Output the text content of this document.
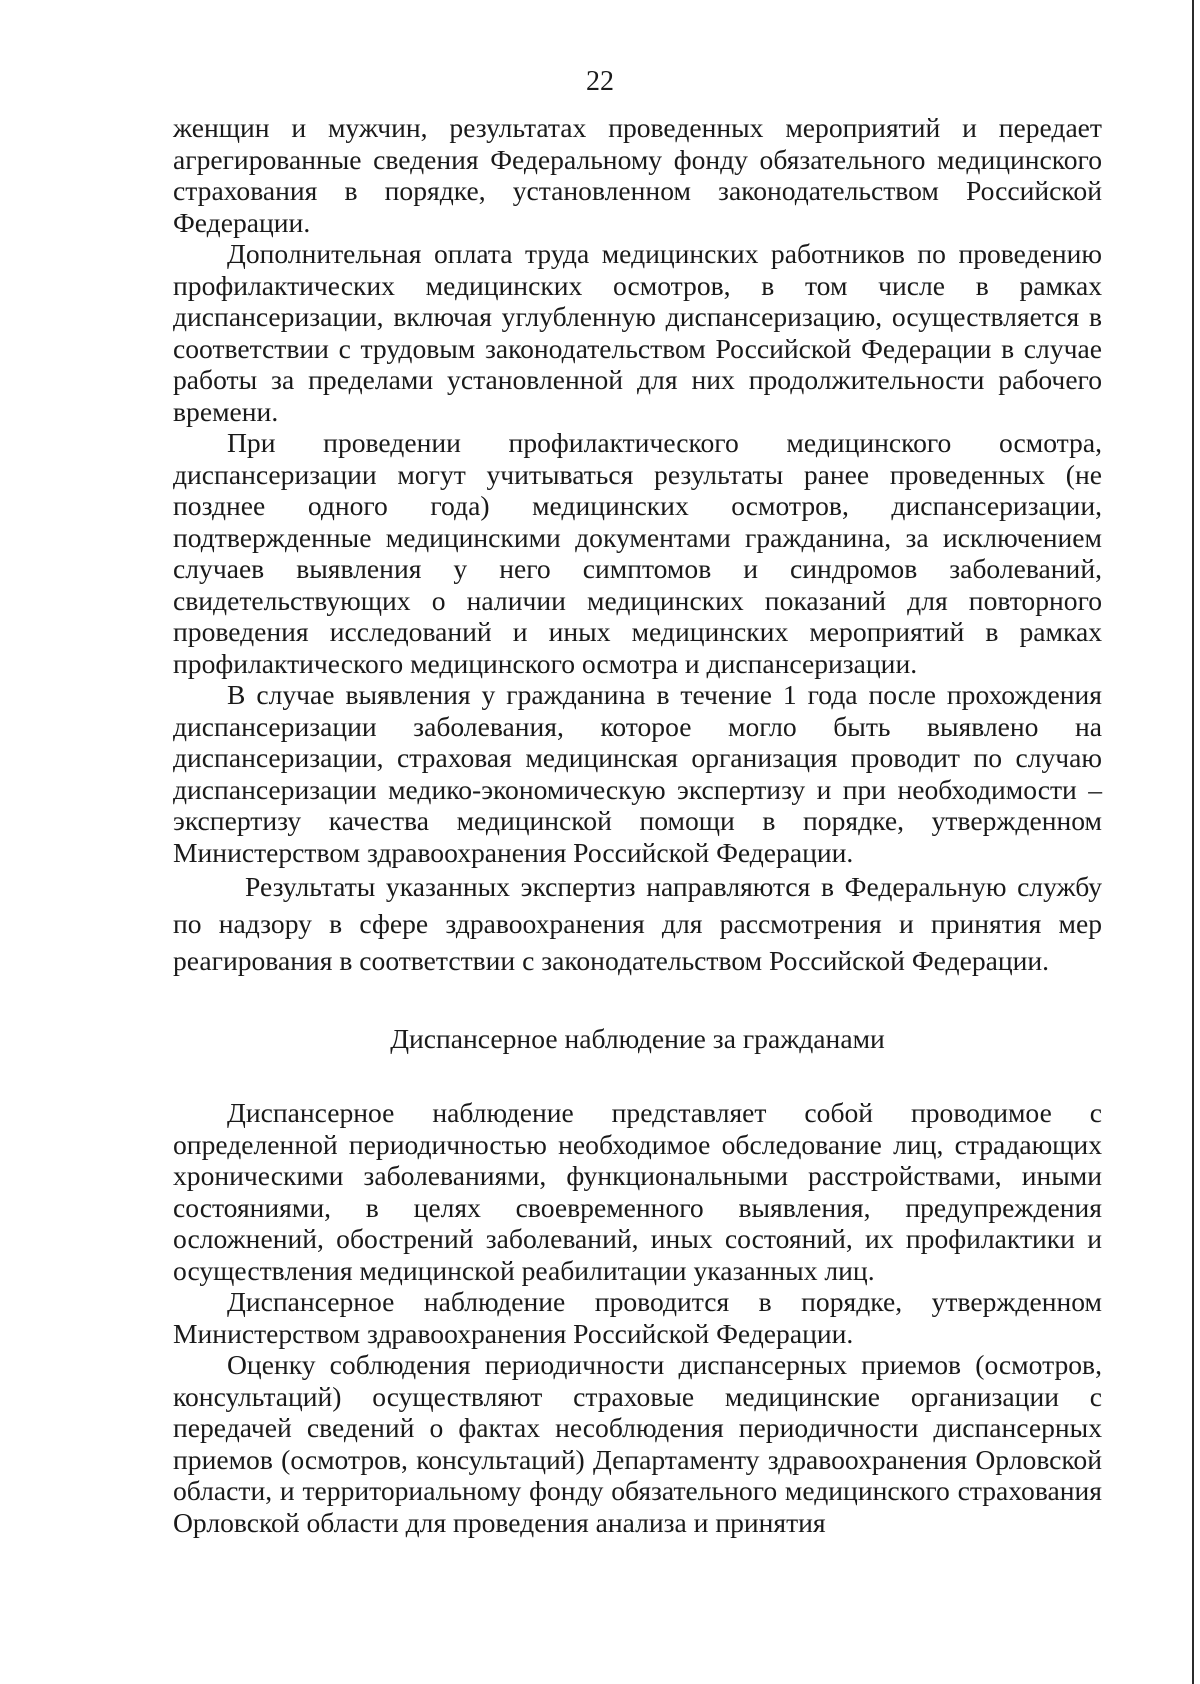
22

женщин и мужчин, результатах проведенных мероприятий и передает агрегированные сведения Федеральному фонду обязательного медицинского страхования в порядке, установленном законодательством Российской Федерации.

Дополнительная оплата труда медицинских работников по проведению профилактических медицинских осмотров, в том числе в рамках диспансеризации, включая углубленную диспансеризацию, осуществляется в соответствии с трудовым законодательством Российской Федерации в случае работы за пределами установленной для них продолжительности рабочего времени.

При проведении профилактического медицинского осмотра, диспансеризации могут учитываться результаты ранее проведенных (не позднее одного года) медицинских осмотров, диспансеризации, подтвержденные медицинскими документами гражданина, за исключением случаев выявления у него симптомов и синдромов заболеваний, свидетельствующих о наличии медицинских показаний для повторного проведения исследований и иных медицинских мероприятий в рамках профилактического медицинского осмотра и диспансеризации.

В случае выявления у гражданина в течение 1 года после прохождения диспансеризации заболевания, которое могло быть выявлено на диспансеризации, страховая медицинская организация проводит по случаю диспансеризации медико-экономическую экспертизу и при необходимости – экспертизу качества медицинской помощи в порядке, утвержденном Министерством здравоохранения Российской Федерации.

Результаты указанных экспертиз направляются в Федеральную службу по надзору в сфере здравоохранения для рассмотрения и принятия мер реагирования в соответствии с законодательством Российской Федерации.

Диспансерное наблюдение за гражданами

Диспансерное наблюдение представляет собой проводимое с определенной периодичностью необходимое обследование лиц, страдающих хроническими заболеваниями, функциональными расстройствами, иными состояниями, в целях своевременного выявления, предупреждения осложнений, обострений заболеваний, иных состояний, их профилактики и осуществления медицинской реабилитации указанных лиц.

Диспансерное наблюдение проводится в порядке, утвержденном Министерством здравоохранения Российской Федерации.

Оценку соблюдения периодичности диспансерных приемов (осмотров, консультаций) осуществляют страховые медицинские организации с передачей сведений о фактах несоблюдения периодичности диспансерных приемов (осмотров, консультаций) Департаменту здравоохранения Орловской области, и территориальному фонду обязательного медицинского страхования Орловской области для проведения анализа и принятия
